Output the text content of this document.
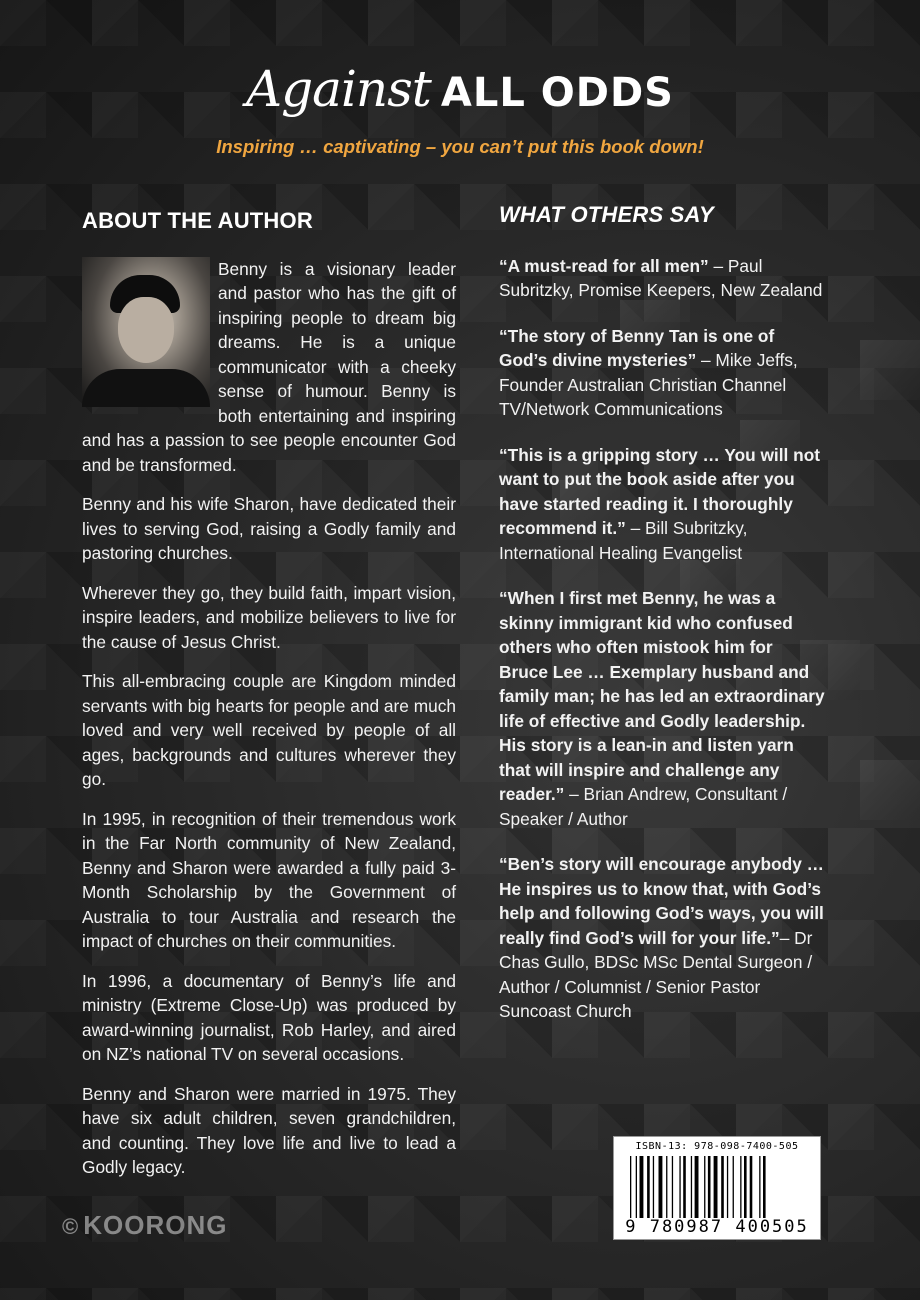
Against ALL ODDS
Inspiring … captivating – you can’t put this book down!
ABOUT THE AUTHOR

Benny is a visionary leader and pastor who has the gift of inspiring people to dream big dreams. He is a unique communicator with a cheeky sense of humour. Benny is both entertaining and inspiring and has a passion to see people encounter God and be transformed.

Benny and his wife Sharon, have dedicated their lives to serving God, raising a Godly family and pastoring churches.

Wherever they go, they build faith, impart vision, inspire leaders, and mobilize believers to live for the cause of Jesus Christ.

This all-embracing couple are Kingdom minded servants with big hearts for people and are much loved and very well received by people of all ages, backgrounds and cultures wherever they go.

In 1995, in recognition of their tremendous work in the Far North community of New Zealand, Benny and Sharon were awarded a fully paid 3-Month Scholarship by the Government of Australia to tour Australia and research the impact of churches on their communities.

In 1996, a documentary of Benny’s life and ministry (Extreme Close-Up) was produced by award-winning journalist, Rob Harley, and aired on NZ’s national TV on several occasions.

Benny and Sharon were married in 1975. They have six adult children, seven grandchildren, and counting. They love life and live to lead a Godly legacy.

WHAT OTHERS SAY
“A must-read for all men” – Paul Subritzky, Promise Keepers, New Zealand
“The story of Benny Tan is one of God’s divine mysteries” – Mike Jeffs, Founder Australian Christian Channel TV/Network Communications
“This is a gripping story … You will not want to put the book aside after you have started reading it. I thoroughly recommend it.” – Bill Subritzky, International Healing Evangelist
“When I first met Benny, he was a skinny immigrant kid who confused others who often mistook him for Bruce Lee … Exemplary husband and family man; he has led an extraordinary life of effective and Godly leadership. His story is a lean-in and listen yarn that will inspire and challenge any reader.” – Brian Andrew, Consultant / Speaker / Author
“Ben’s story will encourage anybody … He inspires us to know that, with God’s help and following God’s ways, you will really find God’s will for your life.”– Dr Chas Gullo, BDSc MSc Dental Surgeon / Author / Columnist / Senior Pastor Suncoast Church
ISBN-13: 978-098-7400-505
9 780987 400505
© KOORONG
